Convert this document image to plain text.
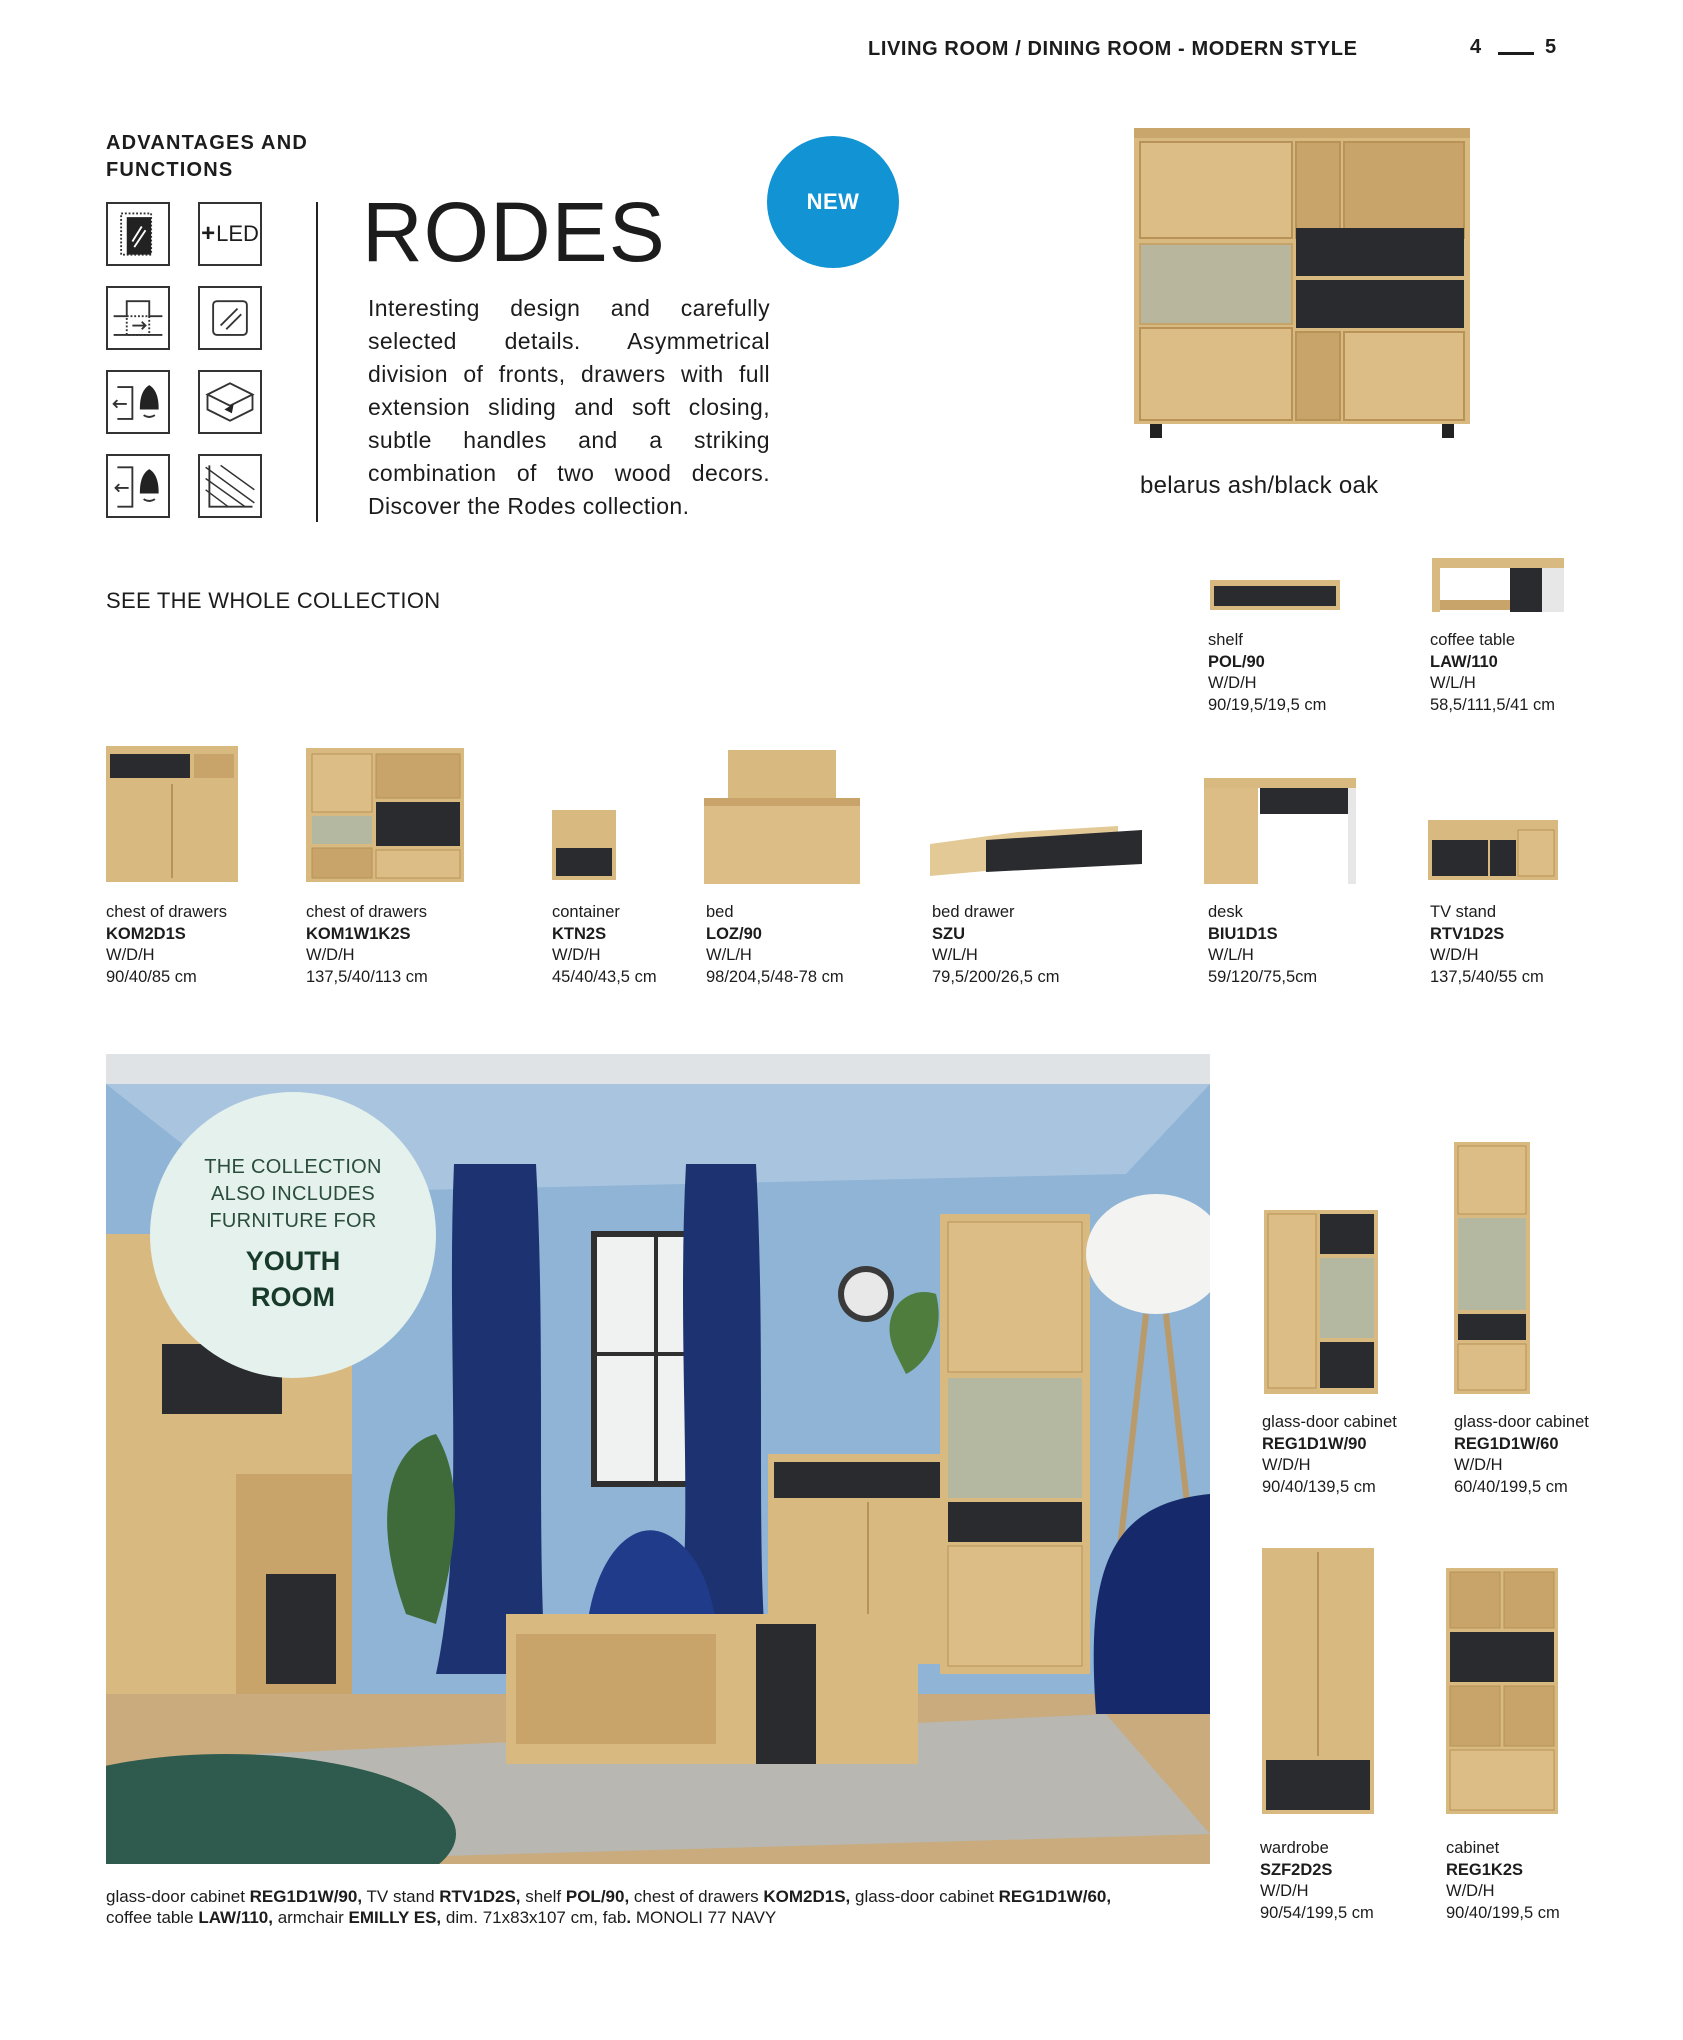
LIVING ROOM / DINING ROOM - MODERN STYLE	4	5
ADVANTAGES AND FUNCTIONS
+ LED RODES
Interesting design and carefully selected details. Asymmetrical division of fronts, drawers with full extension sliding and soft closing, subtle handles and a striking combination of two wood decors. Discover the Rodes collection.
NEW
belarus ash/black oak
SEE THE WHOLE COLLECTION
shelf
POL/90
W/D/H
90/19,5/19,5 cm
coffee table
LAW/110
W/L/H
58,5/111,5/41 cm
chest of drawers
KOM2D1S
W/D/H
90/40/85 cm
chest of drawers
KOM1W1K2S
W/D/H
137,5/40/113 cm
container
KTN2S
W/D/H
45/40/43,5 cm
bed
LOZ/90
W/L/H
98/204,5/48-78 cm
bed drawer
SZU
W/L/H
79,5/200/26,5 cm
desk
BIU1D1S
W/L/H
59/120/75,5cm
TV stand
RTV1D2S
W/D/H
137,5/40/55 cm
THE COLLECTION
ALSO INCLUDES
FURNITURE FOR
YOUTH
ROOM
glass-door cabinet REG1D1W/90, TV stand RTV1D2S, shelf POL/90, chest of drawers KOM2D1S, glass-door cabinet REG1D1W/60,
coffee table LAW/110, armchair EMILLY ES, dim. 71x83x107 cm, fab. MONOLI 77 NAVY
glass-door cabinet
REG1D1W/90
W/D/H
90/40/139,5 cm
glass-door cabinet
REG1D1W/60
W/D/H
60/40/199,5 cm
wardrobe
SZF2D2S
W/D/H
90/54/199,5 cm
cabinet
REG1K2S
W/D/H
90/40/199,5 cm
